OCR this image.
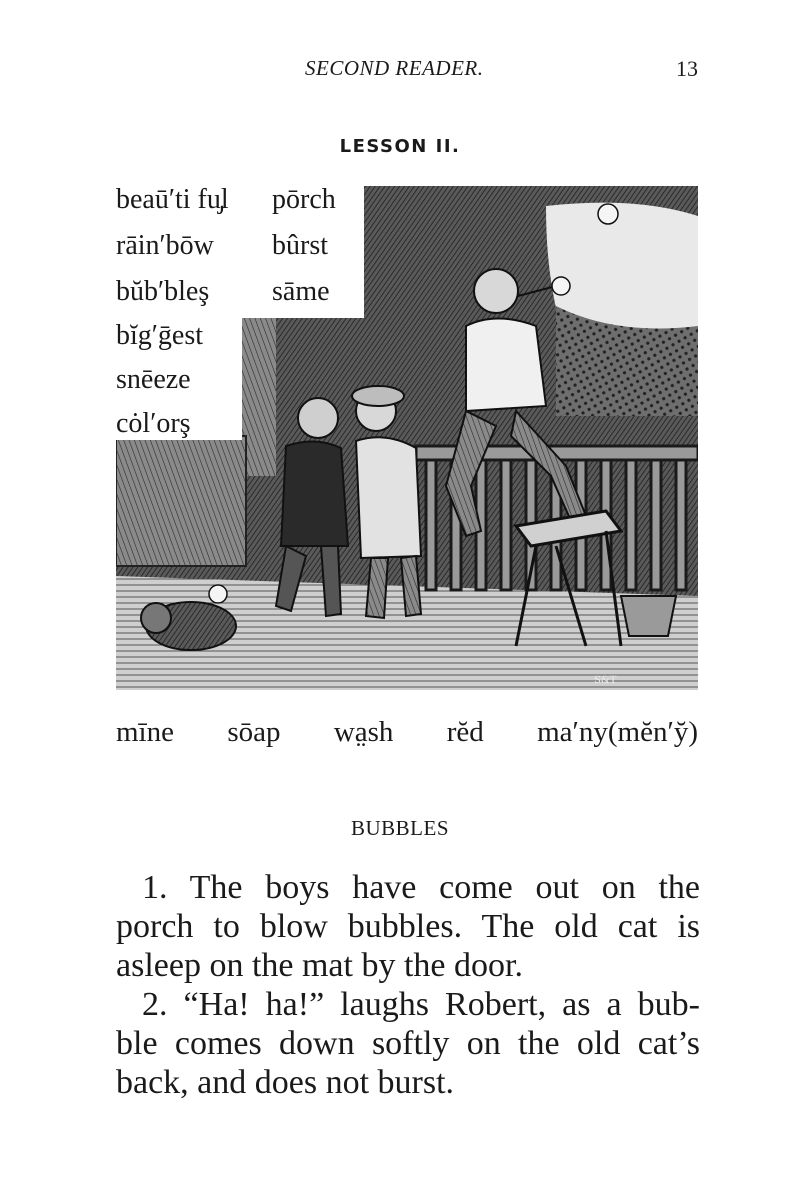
SECOND READER.	13
LESSON II.
S&T
beaū′ti fu̡l
rāin′bōw
bŭb′bleş
bĭg′ḡest
snēeze
cȯl′orş
pōrch
bûrst
sāme
mīne sōap wa̤sh rĕd ma′ny(mĕn′y̆)
BUBBLES
1. The boys have come out on the
porch to blow bubbles. The old cat is
asleep on the mat by the door.
2. “Ha! ha!” laughs Robert, as a bub-
ble comes down softly on the old cat’s
back, and does not burst.
